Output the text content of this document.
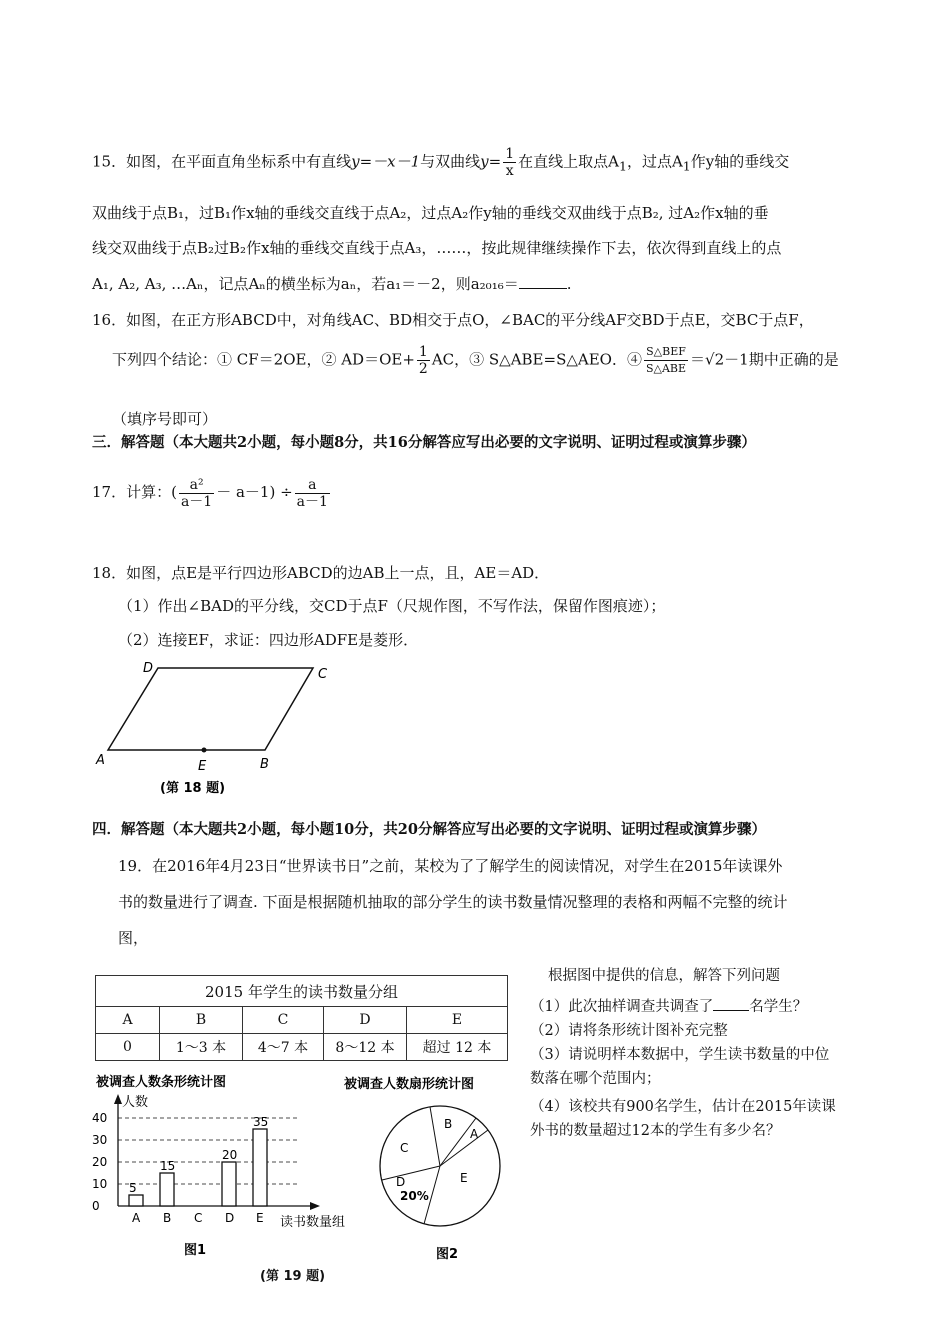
15．如图，在平面直角坐标系中有直线y=－x－1与双曲线$y= \frac{1}{x}$ 在直线上取点$A_1$，过点$A_1$作y轴的垂线交
双曲线于点B₁，过B₁作x轴的垂线交直线于点A₂，过点A₂作y轴的垂线交双曲线于点B₂, 过A₂作x轴的垂
线交双曲线于点B₂过B₂作x轴的垂线交直线于点A₃，……，按此规律继续操作下去，依次得到直线上的点
A₁, A₂, A₃, …Aₙ，记点Aₙ的横坐标为aₙ，若a₁＝－2，则a₂₀₁₆＝	.
16．如图，在正方形ABCD中，对角线AC、BD相交于点O，∠BAC的平分线AF交BD于点E，交BC于点F，
下列四个结论：① CF＝2OE，② $AD=OE+ \frac{1}{2}$ AC，③ S△ABE=S△AEO．④ $\frac{\text{S△BEF}}{\text{S△ABE}} =√2-1$期中正确的是
（填序号即可）
三．解答题（本大题共2小题，每小题8分，共16分解答应写出必要的文字说明、证明过程或演算步骤）
17．计算：( $\frac{\text{a²}}{a-1} - a-1) \div \frac{a}{a-1}$
18．如图，点E是平行四边形ABCD的边AB上一点，且，AE＝AD．
（1）作出∠BAD的平分线，交CD于点F（尺规作图，不写作法，保留作图痕迹）；
（2）连接EF，求证：四边形ADFE是菱形．
D	C
A	E	B
(第 18 题)
四．解答题（本大题共2小题，每小题10分，共20分解答应写出必要的文字说明、证明过程或演算步骤）
19．在2016年4月23日“世界读书日”之前，某校为了了解学生的阅读情况，对学生在2015年读课外
书的数量进行了调查. 下面是根据随机抽取的部分学生的读书数量情况整理的表格和两幅不完整的统计
图，
2015 年学生的读书数量分组				
A	B	C	D	E
0	1～3 本	4～7 本	8～12 本	超过 12 本
被调查人数条形统计图
人数
读书数量组
0
10
20
30
40
A
5
B
15
C D
20
E
35
图1
被调查人数扇形统计图
B
A
C
E
D
20%
图2
(第 19 题)
根据图中提供的信息，解答下列问题
（1）此次抽样调查共调查了 名学生？
（2）请将条形统计图补充完整
（3）请说明样本数据中，学生读书数量的中位
数落在哪个范围内；
（4）该校共有900名学生，估计在2015年读课
外书的数量超过12本的学生有多少名？
